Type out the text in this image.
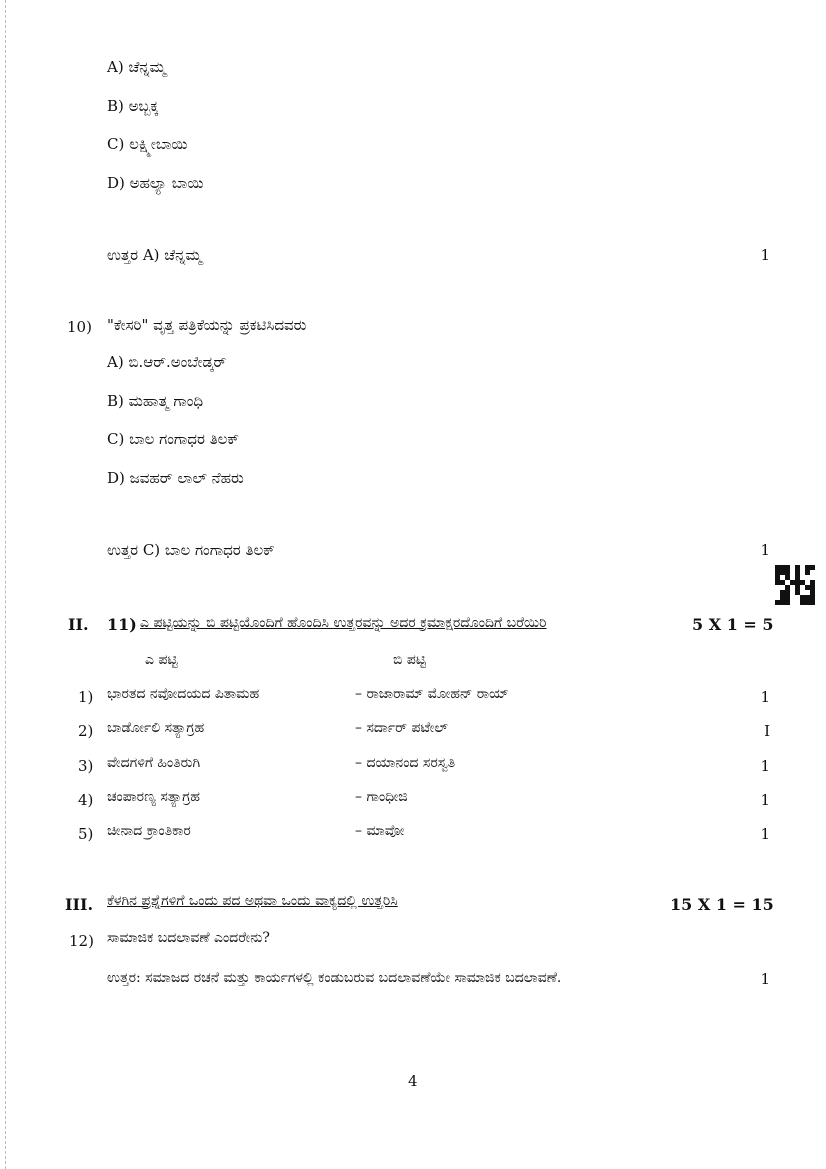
A) ಚೆನ್ನಮ್ಮ
B) ಅಬ್ಬಕ್ಕ
C) ಲಕ್ಷ್ಮೀಬಾಯಿ
D) ಅಹಲ್ಯಾ ಬಾಯಿ
ಉತ್ತರ A) ಚೆನ್ನಮ್ಮ	1
10) "ಕೇಸರಿ" ವೃತ್ತ ಪತ್ರಿಕೆಯನ್ನು ಪ್ರಕಟಿಸಿದವರು
A) ಬಿ.ಆರ್.ಅಂಬೇಡ್ಕರ್
B) ಮಹಾತ್ಮ ಗಾಂಧಿ
C) ಬಾಲ ಗಂಗಾಧರ ತಿಲಕ್
D) ಜವಹರ್ ಲಾಲ್ ನೆಹರು
ಉತ್ತರ C) ಬಾಲ ಗಂಗಾಧರ ತಿಲಕ್	1
II. 11) ಎ ಪಟ್ಟಿಯನ್ನು ಬಿ ಪಟ್ಟಿಯೊಂದಿಗೆ ಹೊಂದಿಸಿ ಉತ್ತರವನ್ನು ಅದರ ಕ್ರಮಾಕ್ಷರದೊಂದಿಗೆ ಬರೆಯಿರಿ	5 X 1 = 5
ಎ ಪಟ್ಟಿ	ಬಿ ಪಟ್ಟಿ
1) ಭಾರತದ ನವೋದಯದ ಪಿತಾಮಹ	– ರಾಜಾರಾಮ್ ಮೋಹನ್ ರಾಯ್	1
2) ಬಾರ್ಡೋಲಿ ಸತ್ಯಾಗ್ರಹ	– ಸರ್ದಾರ್ ಪಟೇಲ್	I
3) ವೇದಗಳಿಗೆ ಹಿಂತಿರುಗಿ	– ದಯಾನಂದ ಸರಸ್ವತಿ	1
4) ಚಂಪಾರಣ್ಯ ಸತ್ಯಾಗ್ರಹ	– ಗಾಂಧೀಜಿ	1
5) ಚೀನಾದ ಕ್ರಾಂತಿಕಾರ	– ಮಾವೋ	1
III. ಕೆಳಗಿನ ಪ್ರಶ್ನೆಗಳಿಗೆ ಒಂದು ಪದ ಅಥವಾ ಒಂದು ವಾಕ್ಯದಲ್ಲಿ ಉತ್ತರಿಸಿ	15 X 1 = 15
12) ಸಾಮಾಜಿಕ ಬದಲಾವಣೆ ಎಂದರೇನು?
ಉತ್ತರ: ಸಮಾಜದ ರಚನೆ ಮತ್ತು ಕಾರ್ಯಗಳಲ್ಲಿ ಕಂಡುಬರುವ ಬದಲಾವಣೆಯೇ ಸಾಮಾಜಿಕ ಬದಲಾವಣೆ.	1
4
